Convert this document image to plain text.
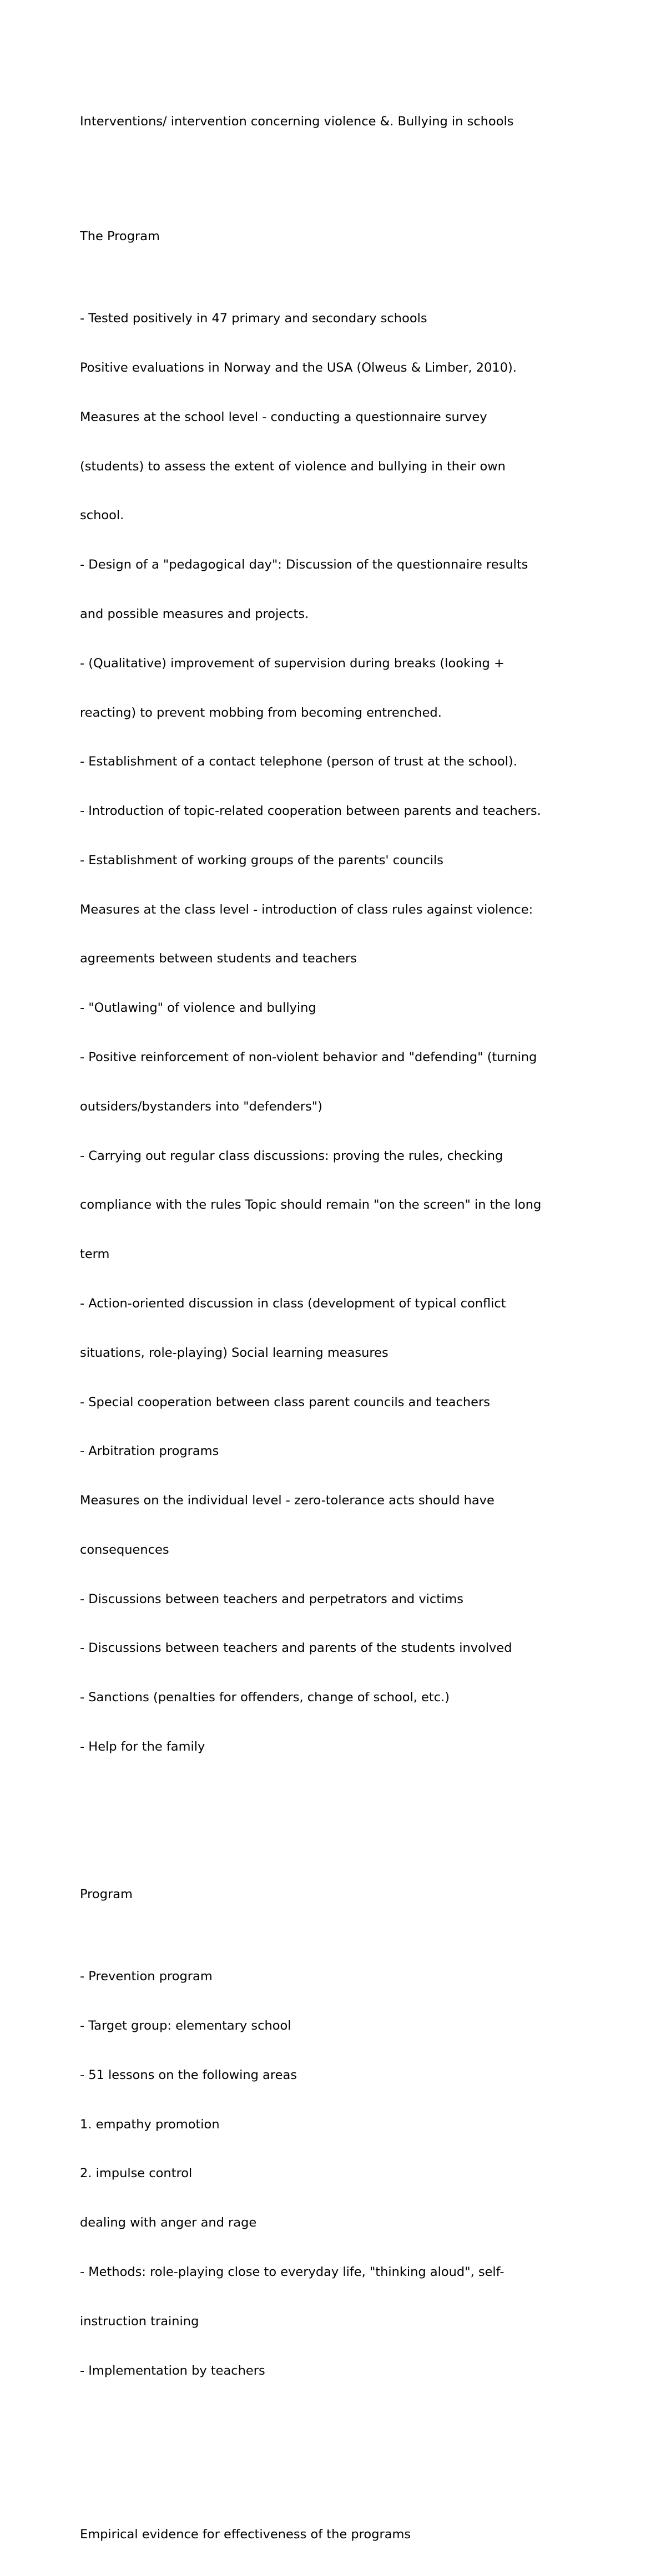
Interventions/ intervention concerning violence &. Bullying in schools

The Program

- Tested positively in 47 primary and secondary schools

Positive evaluations in Norway and the USA (Olweus & Limber, 2010).

Measures at the school level - conducting a questionnaire survey

(students) to assess the extent of violence and bullying in their own

school.

- Design of a "pedagogical day": Discussion of the questionnaire results

and possible measures and projects.

- (Qualitative) improvement of supervision during breaks (looking +

reacting) to prevent mobbing from becoming entrenched.

- Establishment of a contact telephone (person of trust at the school).

- Introduction of topic-related cooperation between parents and teachers.

- Establishment of working groups of the parents' councils

Measures at the class level - introduction of class rules against violence:

agreements between students and teachers

- "Outlawing" of violence and bullying

- Positive reinforcement of non-violent behavior and "defending" (turning

outsiders/bystanders into "defenders")

- Carrying out regular class discussions: proving the rules, checking

compliance with the rules Topic should remain "on the screen" in the long

term

- Action-oriented discussion in class (development of typical conflict

situations, role-playing) Social learning measures

- Special cooperation between class parent councils and teachers

- Arbitration programs

Measures on the individual level - zero-tolerance acts should have

consequences

- Discussions between teachers and perpetrators and victims

- Discussions between teachers and parents of the students involved

- Sanctions (penalties for offenders, change of school, etc.)

- Help for the family

Program

- Prevention program

- Target group: elementary school

- 51 lessons on the following areas

1. empathy promotion

2. impulse control

dealing with anger and rage

- Methods: role-playing close to everyday life, "thinking aloud", self-

instruction training

- Implementation by teachers

Empirical evidence for effectiveness of the programs
